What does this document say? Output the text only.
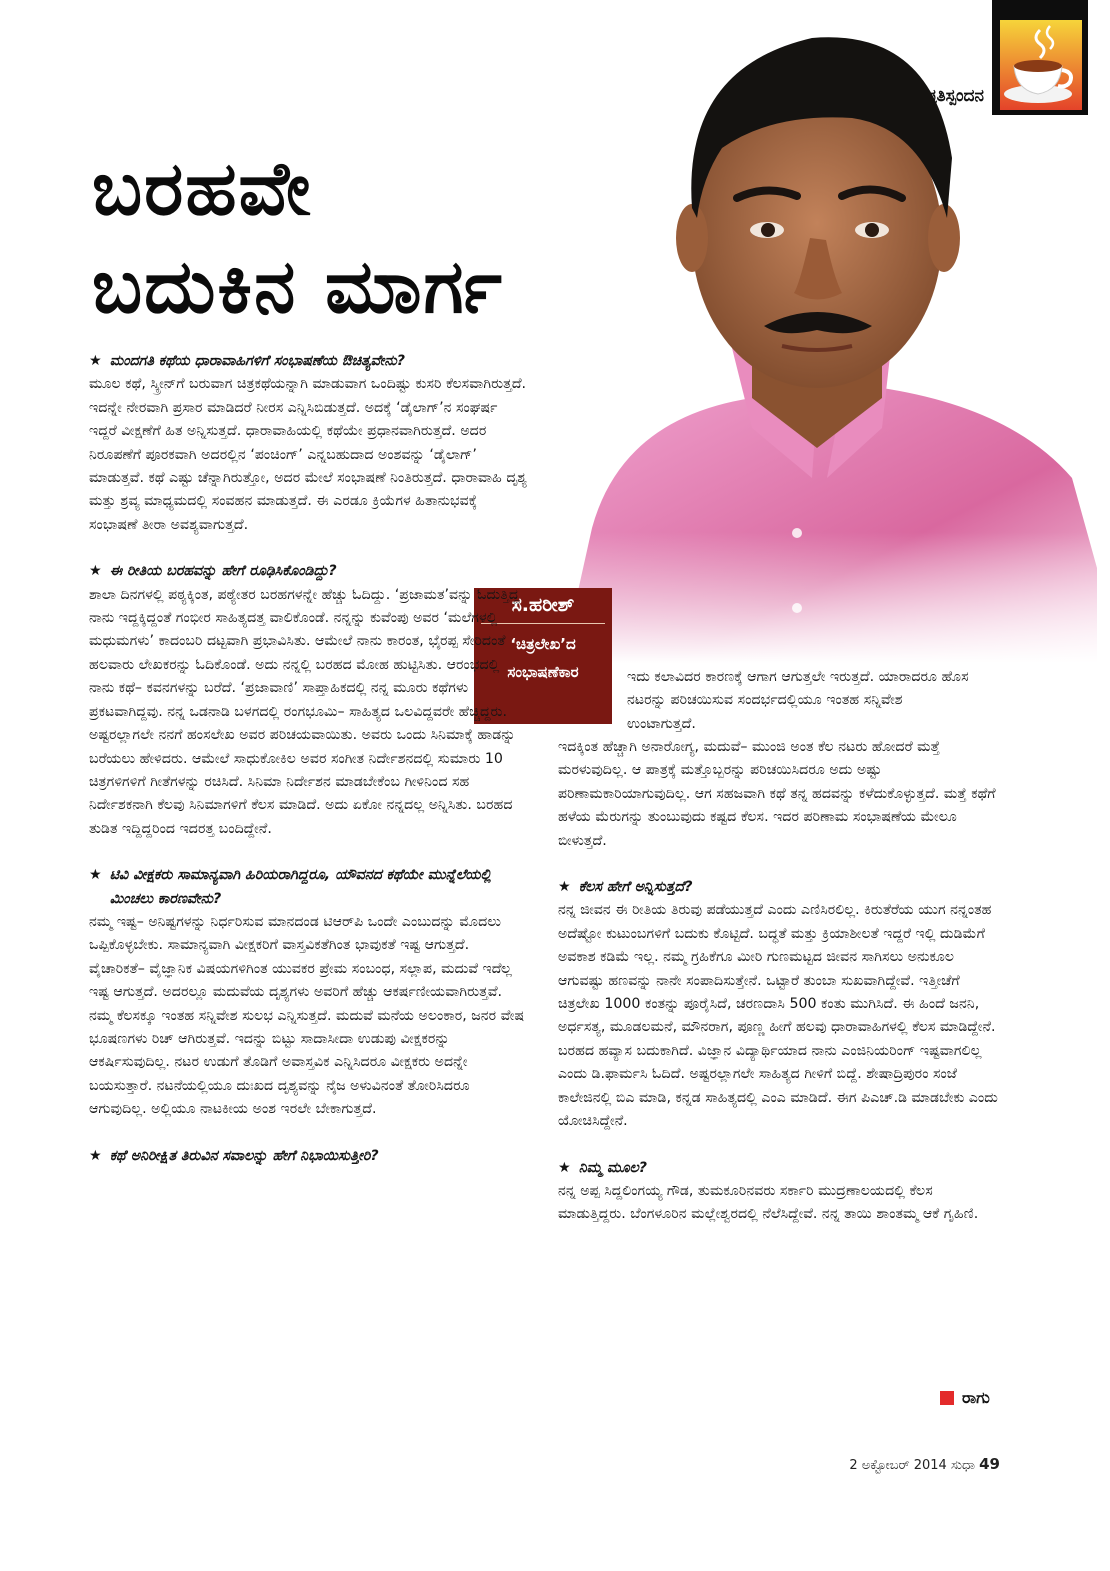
ಬರಹವೇ
ಬದುಕಿನ ಮಾರ್ಗ
ಸ.ಹರೀಶ್
‘ಚಿತ್ರಲೇಖ’ದ
ಸಂಭಾಷಣೆಕಾರ

★ ಮಂದಗತಿ ಕಥೆಯ ಧಾರಾವಾಹಿಗಳಿಗೆ ಸಂಭಾಷಣೆಯ ಔಚಿತ್ಯವೇನು?

ಮೂಲ ಕಥೆ, ಸ್ಕ್ರೀನ್‌ಗೆ ಬರುವಾಗ ಚಿತ್ರಕಥೆಯನ್ನಾಗಿ ಮಾಡುವಾಗ ಒಂದಿಷ್ಟು ಕುಸರಿ ಕೆಲಸವಾಗಿರುತ್ತದೆ. ಇದನ್ನೇ ನೇರವಾಗಿ ಪ್ರಸಾರ ಮಾಡಿದರೆ ನೀರಸ ಎನ್ನಿಸಿಬಿಡುತ್ತದೆ. ಅದಕ್ಕೆ ‘ಡೈಲಾಗ್’ನ ಸಂಘರ್ಷ ಇದ್ದರೆ ವೀಕ್ಷಣೆಗೆ ಹಿತ ಅನ್ನಿಸುತ್ತದೆ. ಧಾರಾವಾಹಿಯಲ್ಲಿ ಕಥೆಯೇ ಪ್ರಧಾನವಾಗಿರುತ್ತದೆ. ಅದರ ನಿರೂಪಣೆಗೆ ಪೂರಕವಾಗಿ ಅದರಲ್ಲಿನ ‘ಪಂಚಿಂಗ್’ ಎನ್ನಬಹುದಾದ ಅಂಶವನ್ನು ‘ಡೈಲಾಗ್’ ಮಾಡುತ್ತವೆ. ಕಥೆ ಎಷ್ಟು ಚೆನ್ನಾಗಿರುತ್ತೋ, ಅದರ ಮೇಲೆ ಸಂಭಾಷಣೆ ನಿಂತಿರುತ್ತದೆ. ಧಾರಾವಾಹಿ ದೃಶ್ಯ ಮತ್ತು ಶ್ರವ್ಯ ಮಾಧ್ಯಮದಲ್ಲಿ ಸಂವಹನ ಮಾಡುತ್ತದೆ. ಈ ಎರಡೂ ಕ್ರಿಯೆಗಳ ಹಿತಾನುಭವಕ್ಕೆ ಸಂಭಾಷಣೆ ತೀರಾ ಅವಶ್ಯವಾಗುತ್ತದೆ.

★ ಈ ರೀತಿಯ ಬರಹವನ್ನು ಹೇಗೆ ರೂಢಿಸಿಕೊಂಡಿದ್ದು?

ಶಾಲಾ ದಿನಗಳಲ್ಲಿ ಪಠ್ಯಕ್ಕಿಂತ, ಪಠ್ಯೇತರ ಬರಹಗಳನ್ನೇ ಹೆಚ್ಚು ಓದಿದ್ದು. ‘ಪ್ರಜಾಮತ’ವನ್ನು ಓದುತ್ತಿದ್ದ ನಾನು ಇದ್ದಕ್ಕಿದ್ದಂತೆ ಗಂಭೀರ ಸಾಹಿತ್ಯದತ್ತ ವಾಲಿಕೊಂಡೆ. ನನ್ನನ್ನು ಕುವೆಂಪು ಅವರ ‘ಮಲೆಗಳಲ್ಲಿ ಮಧುಮಗಳು’ ಕಾದಂಬರಿ ದಟ್ಟವಾಗಿ ಪ್ರಭಾವಿಸಿತು. ಆಮೇಲೆ ನಾನು ಕಾರಂತ, ಭೈರಪ್ಪ ಸೇರಿದಂತೆ ಹಲವಾರು ಲೇಖಕರನ್ನು ಓದಿಕೊಂಡೆ. ಅದು ನನ್ನಲ್ಲಿ ಬರಹದ ಮೋಹ ಹುಟ್ಟಿಸಿತು. ಆರಂಭದಲ್ಲಿ ನಾನು ಕಥೆ– ಕವನಗಳನ್ನು ಬರೆದೆ. ‘ಪ್ರಜಾವಾಣಿ’ ಸಾಪ್ತಾಹಿಕದಲ್ಲಿ ನನ್ನ ಮೂರು ಕಥೆಗಳು ಪ್ರಕಟವಾಗಿದ್ದವು. ನನ್ನ ಒಡನಾಡಿ ಬಳಗದಲ್ಲಿ ರಂಗಭೂಮಿ– ಸಾಹಿತ್ಯದ ಒಲವಿದ್ದವರೇ ಹೆಚ್ಚಿದ್ದರು. ಅಷ್ಟರಲ್ಲಾಗಲೇ ನನಗೆ ಹಂಸಲೇಖ ಅವರ ಪರಿಚಯವಾಯಿತು. ಅವರು ಒಂದು ಸಿನಿಮಾಕ್ಕೆ ಹಾಡನ್ನು ಬರೆಯಲು ಹೇಳಿದರು. ಆಮೇಲೆ ಸಾಧುಕೋಕಿಲ ಅವರ ಸಂಗೀತ ನಿರ್ದೇಶನದಲ್ಲಿ ಸುಮಾರು 10 ಚಿತ್ರಗಳಿಗಳಿಗೆ ಗೀತೆಗಳನ್ನು ರಚಿಸಿದೆ. ಸಿನಿಮಾ ನಿರ್ದೇಶನ ಮಾಡಬೇಕೆಂಬ ಗೀಳಿನಿಂದ ಸಹ ನಿರ್ದೇಶಕನಾಗಿ ಕೆಲವು ಸಿನಿಮಾಗಳಿಗೆ ಕೆಲಸ ಮಾಡಿದೆ. ಅದು ಏಕೋ ನನ್ನದಲ್ಲ ಅನ್ನಿಸಿತು. ಬರಹದ ತುಡಿತ ಇದ್ದಿದ್ದರಿಂದ ಇದರತ್ತ ಬಂದಿದ್ದೇನೆ.

★ ಟಿವಿ ವೀಕ್ಷಕರು ಸಾಮಾನ್ಯವಾಗಿ ಹಿರಿಯರಾಗಿದ್ದರೂ, ಯೌವನದ ಕಥೆಯೇ ಮುನ್ನೆಲೆಯಲ್ಲಿ ಮಿಂಚಲು ಕಾರಣವೇನು?

ನಮ್ಮ ಇಷ್ಟ– ಅನಿಷ್ಟಗಳನ್ನು ನಿರ್ಧರಿಸುವ ಮಾನದಂಡ ಟಿಆರ್‌ಪಿ ಒಂದೇ ಎಂಬುದನ್ನು ಮೊದಲು ಒಪ್ಪಿಕೊಳ್ಳಬೇಕು. ಸಾಮಾನ್ಯವಾಗಿ ವೀಕ್ಷಕರಿಗೆ ವಾಸ್ತವಿಕತೆಗಿಂತ ಭಾವುಕತೆ ಇಷ್ಟ ಆಗುತ್ತದೆ. ವೈಚಾರಿಕತೆ– ವೈಜ್ಞಾನಿಕ ವಿಷಯಗಳಿಗಿಂತ ಯುವಕರ ಪ್ರೇಮ ಸಂಬಂಧ, ಸಲ್ಲಾಪ, ಮದುವೆ ಇದೆಲ್ಲ ಇಷ್ಟ ಆಗುತ್ತದೆ. ಅದರಲ್ಲೂ ಮದುವೆಯ ದೃಶ್ಯಗಳು ಅವರಿಗೆ ಹೆಚ್ಚು ಆಕರ್ಷಣೀಯವಾಗಿರುತ್ತವೆ. ನಮ್ಮ ಕೆಲಸಕ್ಕೂ ಇಂತಹ ಸನ್ನಿವೇಶ ಸುಲಭ ಎನ್ನಿಸುತ್ತದೆ. ಮದುವೆ ಮನೆಯ ಅಲಂಕಾರ, ಜನರ ವೇಷ ಭೂಷಣಗಳು ರಿಚ್ ಆಗಿರುತ್ತವೆ. ಇದನ್ನು ಬಿಟ್ಟು ಸಾದಾಸೀದಾ ಉಡುಪು ವೀಕ್ಷಕರನ್ನು ಆಕರ್ಷಿಸುವುದಿಲ್ಲ. ನಟರ ಉಡುಗೆ ತೊಡಿಗೆ ಅವಾಸ್ತವಿಕ ಎನ್ನಿಸಿದರೂ ವೀಕ್ಷಕರು ಅದನ್ನೇ ಬಯಸುತ್ತಾರೆ. ನಟನೆಯಲ್ಲಿಯೂ ದುಃಖದ ದೃಶ್ಯವನ್ನು ನೈಜ ಅಳುವಿನಂತೆ ತೋರಿಸಿದರೂ ಆಗುವುದಿಲ್ಲ. ಅಲ್ಲಿಯೂ ನಾಟಕೀಯ ಅಂಶ ಇರಲೇ ಬೇಕಾಗುತ್ತದೆ.

★ ಕಥೆ ಅನಿರೀಕ್ಷಿತ ತಿರುವಿನ ಸವಾಲನ್ನು ಹೇಗೆ ನಿಭಾಯಿಸುತ್ತೀರಿ?

ಇದು ಕಲಾವಿದರ ಕಾರಣಕ್ಕೆ ಆಗಾಗ ಆಗುತ್ತಲೇ ಇರುತ್ತದೆ. ಯಾರಾದರೂ ಹೊಸ ನಟರನ್ನು ಪರಿಚಯಿಸುವ ಸಂದರ್ಭದಲ್ಲಿಯೂ ಇಂತಹ ಸನ್ನಿವೇಶ ಉಂಟಾಗುತ್ತದೆ.

ಇದಕ್ಕಿಂತ ಹೆಚ್ಚಾಗಿ ಅನಾರೋಗ್ಯ, ಮದುವೆ– ಮುಂಜಿ ಅಂತ ಕೆಲ ನಟರು ಹೋದರೆ ಮತ್ತೆ ಮರಳುವುದಿಲ್ಲ. ಆ ಪಾತ್ರಕ್ಕೆ ಮತ್ತೊಬ್ಬರನ್ನು ಪರಿಚಯಿಸಿದರೂ ಅದು ಅಷ್ಟು ಪರಿಣಾಮಕಾರಿಯಾಗುವುದಿಲ್ಲ. ಆಗ ಸಹಜವಾಗಿ ಕಥೆ ತನ್ನ ಹದವನ್ನು ಕಳೆದುಕೊಳ್ಳುತ್ತದೆ. ಮತ್ತೆ ಕಥೆಗೆ ಹಳೆಯ ಮೆರುಗನ್ನು ತುಂಬುವುದು ಕಷ್ಟದ ಕೆಲಸ. ಇದರ ಪರಿಣಾಮ ಸಂಭಾಷಣೆಯ ಮೇಲೂ ಬೀಳುತ್ತದೆ.

★ ಕೆಲಸ ಹೇಗೆ ಅನ್ನಿಸುತ್ತದೆ?

ನನ್ನ ಜೀವನ ಈ ರೀತಿಯ ತಿರುವು ಪಡೆಯುತ್ತದೆ ಎಂದು ಎಣಿಸಿರಲಿಲ್ಲ. ಕಿರುತೆರೆಯ ಯುಗ ನನ್ನಂತಹ ಅದೆಷ್ಟೋ ಕುಟುಂಬಗಳಿಗೆ ಬದುಕು ಕೊಟ್ಟಿದೆ. ಬದ್ಧತೆ ಮತ್ತು ಕ್ರಿಯಾಶೀಲತೆ ಇದ್ದರೆ ಇಲ್ಲಿ ದುಡಿಮೆಗೆ ಅವಕಾಶ ಕಡಿಮೆ ಇಲ್ಲ. ನಮ್ಮ ಗ್ರಹಿಕೆಗೂ ಮೀರಿ ಗುಣಮಟ್ಟದ ಜೀವನ ಸಾಗಿಸಲು ಅನುಕೂಲ ಆಗುವಷ್ಟು ಹಣವನ್ನು ನಾನೇ ಸಂಪಾದಿಸುತ್ತೇನೆ. ಒಟ್ಟಾರೆ ತುಂಬಾ ಸುಖವಾಗಿದ್ದೇವೆ. ಇತ್ತೀಚೆಗೆ ಚಿತ್ರಲೇಖ 1000 ಕಂತನ್ನು ಪೂರೈಸಿದೆ, ಚರಣದಾಸಿ 500 ಕಂತು ಮುಗಿಸಿದೆ. ಈ ಹಿಂದೆ ಜನನಿ, ಅರ್ಧಸತ್ಯ, ಮೂಡಲಮನೆ, ಮೌನರಾಗ, ಪೂಣ್ಣ ಹೀಗೆ ಹಲವು ಧಾರಾವಾಹಿಗಳಲ್ಲಿ ಕೆಲಸ ಮಾಡಿದ್ದೇನೆ. ಬರಹದ ಹವ್ಯಾಸ ಬದುಕಾಗಿದೆ. ವಿಜ್ಞಾನ ವಿದ್ಯಾರ್ಥಿಯಾದ ನಾನು ಎಂಜಿನಿಯರಿಂಗ್ ಇಷ್ಟವಾಗಲಿಲ್ಲ ಎಂದು ಡಿ.ಫಾರ್ಮಸಿ ಓದಿದೆ. ಅಷ್ಟರಲ್ಲಾಗಲೇ ಸಾಹಿತ್ಯದ ಗೀಳಿಗೆ ಬಿದ್ದೆ. ಶೇಷಾದ್ರಿಪುರಂ ಸಂಜೆ ಕಾಲೇಜಿನಲ್ಲಿ ಬಿಎ ಮಾಡಿ, ಕನ್ನಡ ಸಾಹಿತ್ಯದಲ್ಲಿ ಎಂಎ ಮಾಡಿದೆ. ಈಗ ಪಿಎಚ್.ಡಿ ಮಾಡಬೇಕು ಎಂದು ಯೋಚಿಸಿದ್ದೇನೆ.

★ ನಿಮ್ಮ ಮೂಲ?

ನನ್ನ ಅಪ್ಪ ಸಿದ್ದಲಿಂಗಯ್ಯ ಗೌಡ, ತುಮಕೂರಿನವರು ಸರ್ಕಾರಿ ಮುದ್ರಣಾಲಯದಲ್ಲಿ ಕೆಲಸ ಮಾಡುತ್ತಿದ್ದರು. ಬೆಂಗಳೂರಿನ ಮಲ್ಲೇಶ್ವರದಲ್ಲಿ ನೆಲೆಸಿದ್ದೇವೆ. ನನ್ನ ತಾಯಿ ಶಾಂತಮ್ಮ ಆಕೆ ಗೃಹಿಣಿ.

ರಾಗು
2 ಅಕ್ಟೋಬರ್ 2014 ಸುಧಾ 49
